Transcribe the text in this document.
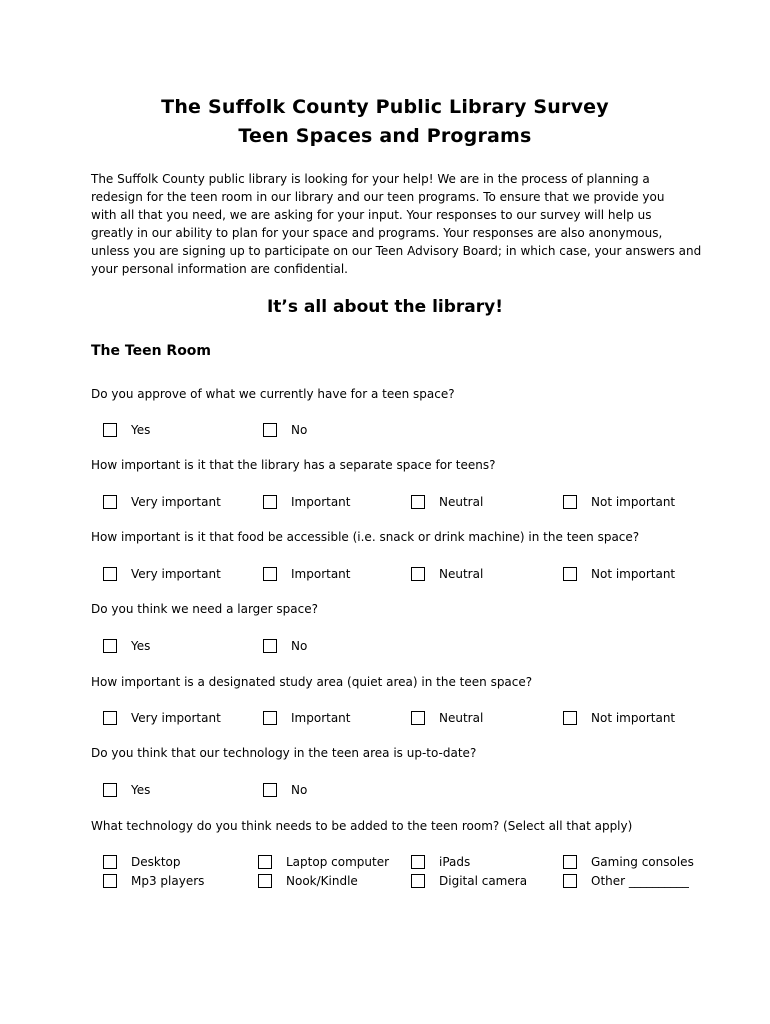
The Suffolk County Public Library Survey
Teen Spaces and Programs
The Suffolk County public library is looking for your help! We are in the process of planning a
redesign for the teen room in our library and our teen programs. To ensure that we provide you
with all that you need, we are asking for your input. Your responses to our survey will help us
greatly in our ability to plan for your space and programs. Your responses are also anonymous,
unless you are signing up to participate on our Teen Advisory Board; in which case, your answers and
your personal information are confidential.
It’s all about the library!
The Teen Room
Do you approve of what we currently have for a teen space?
Yes	No
How important is it that the library has a separate space for teens?
Very important	Important	Neutral	Not important
How important is it that food be accessible (i.e. snack or drink machine) in the teen space?
Very important	Important	Neutral	Not important
Do you think we need a larger space?
Yes	No
How important is a designated study area (quiet area) in the teen space?
Very important	Important	Neutral	Not important
Do you think that our technology in the teen area is up-to-date?
Yes	No
What technology do you think needs to be added to the teen room? (Select all that apply)
Desktop	Laptop computer	iPads	Gaming consoles
Mp3 players	Nook/Kindle	Digital camera	Other __________
